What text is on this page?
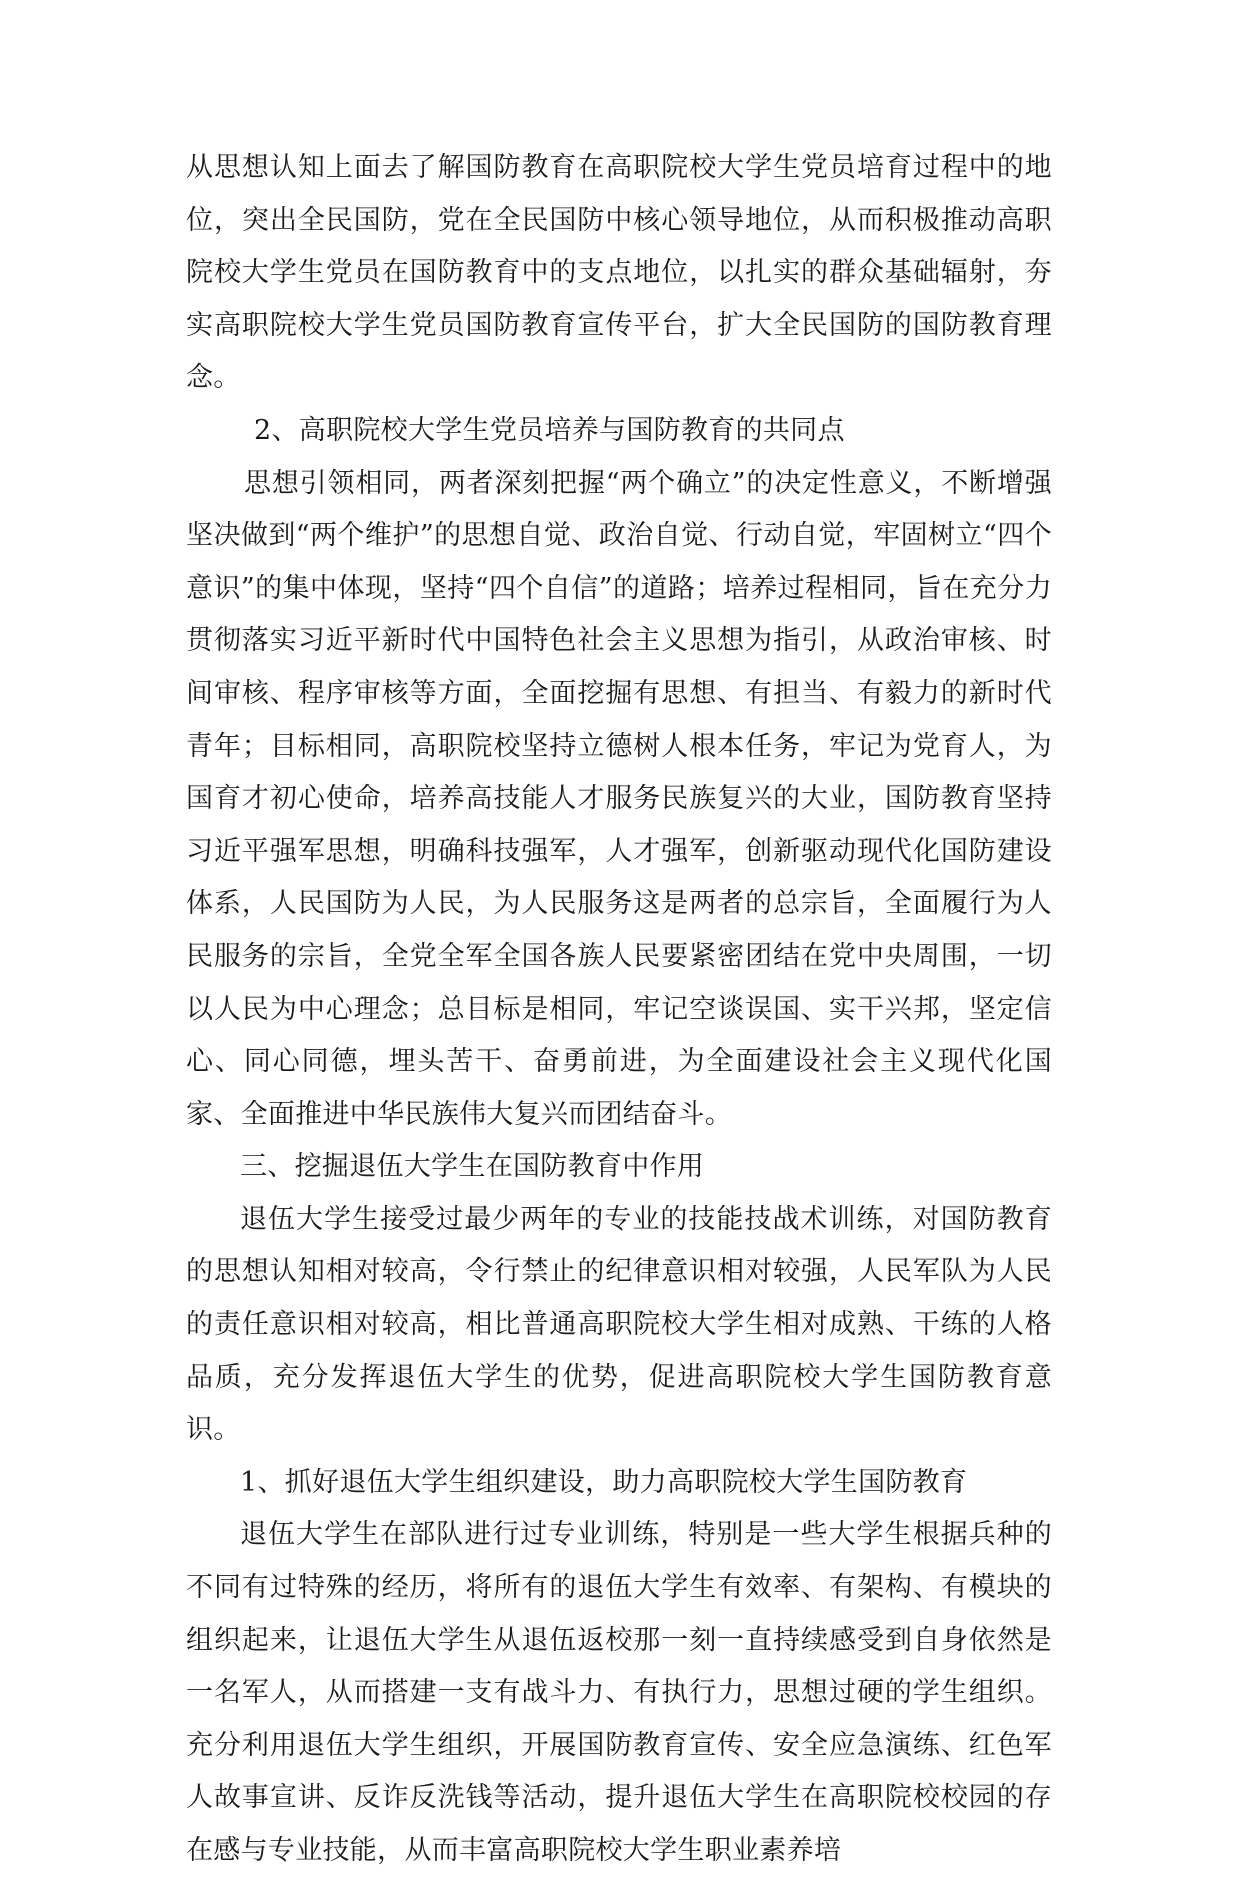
从思想认知上面去了解国防教育在高职院校大学生党员培育过程中的地位，突出全民国防，党在全民国防中核心领导地位，从而积极推动高职院校大学生党员在国防教育中的支点地位，以扎实的群众基础辐射，夯实高职院校大学生党员国防教育宣传平台，扩大全民国防的国防教育理念。

2、高职院校大学生党员培养与国防教育的共同点

思想引领相同，两者深刻把握“两个确立”的决定性意义，不断增强坚决做到“两个维护”的思想自觉、政治自觉、行动自觉，牢固树立“四个意识”的集中体现，坚持“四个自信”的道路；培养过程相同，旨在充分力贯彻落实习近平新时代中国特色社会主义思想为指引，从政治审核、时间审核、程序审核等方面，全面挖掘有思想、有担当、有毅力的新时代青年；目标相同，高职院校坚持立德树人根本任务，牢记为党育人，为国育才初心使命，培养高技能人才服务民族复兴的大业，国防教育坚持习近平强军思想，明确科技强军，人才强军，创新驱动现代化国防建设体系，人民国防为人民，为人民服务这是两者的总宗旨，全面履行为人民服务的宗旨，全党全军全国各族人民要紧密团结在党中央周围，一切以人民为中心理念；总目标是相同，牢记空谈误国、实干兴邦，坚定信心、同心同德，埋头苦干、奋勇前进，为全面建设社会主义现代化国家、全面推进中华民族伟大复兴而团结奋斗。

三、挖掘退伍大学生在国防教育中作用

退伍大学生接受过最少两年的专业的技能技战术训练，对国防教育的思想认知相对较高，令行禁止的纪律意识相对较强，人民军队为人民的责任意识相对较高，相比普通高职院校大学生相对成熟、干练的人格品质，充分发挥退伍大学生的优势，促进高职院校大学生国防教育意识。

1、抓好退伍大学生组织建设，助力高职院校大学生国防教育

退伍大学生在部队进行过专业训练，特别是一些大学生根据兵种的不同有过特殊的经历，将所有的退伍大学生有效率、有架构、有模块的组织起来，让退伍大学生从退伍返校那一刻一直持续感受到自身依然是一名军人，从而搭建一支有战斗力、有执行力，思想过硬的学生组织。充分利用退伍大学生组织，开展国防教育宣传、安全应急演练、红色军人故事宣讲、反诈反洗钱等活动，提升退伍大学生在高职院校校园的存在感与专业技能，从而丰富高职院校大学生职业素养培
